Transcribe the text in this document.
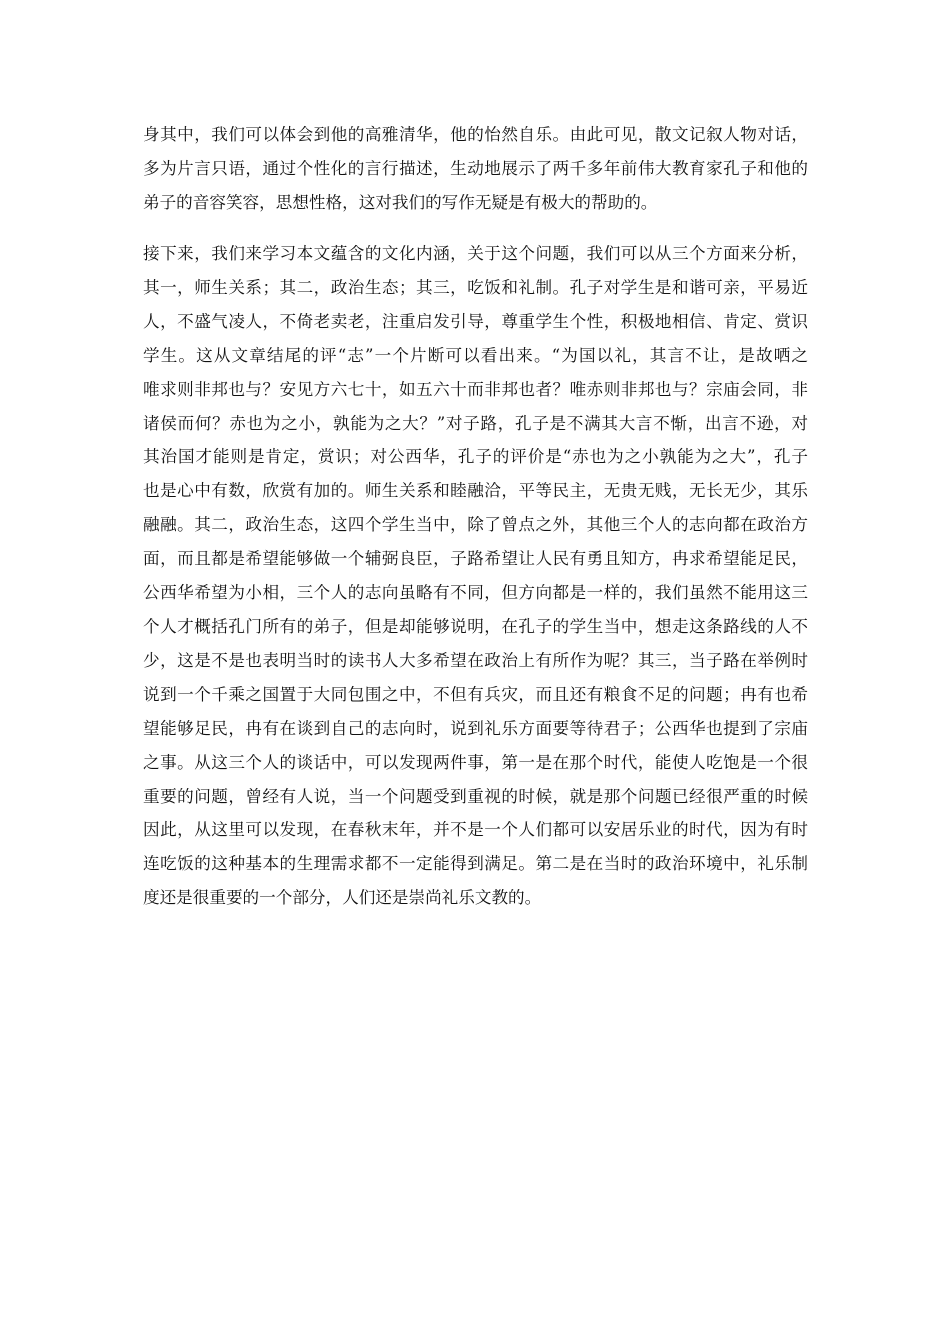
身其中，我们可以体会到他的高雅清华，他的怡然自乐。由此可见，散文记叙人物对话，
多为片言只语，通过个性化的言行描述，生动地展示了两千多年前伟大教育家孔子和他的
弟子的音容笑容，思想性格，这对我们的写作无疑是有极大的帮助的。
接下来，我们来学习本文蕴含的文化内涵，关于这个问题，我们可以从三个方面来分析，
其一，师生关系；其二，政治生态；其三，吃饭和礼制。孔子对学生是和谐可亲，平易近
人，不盛气凌人，不倚老卖老，注重启发引导，尊重学生个性，积极地相信、肯定、赏识
学生。这从文章结尾的评“志”一个片断可以看出来。“为国以礼，其言不让，是故哂之
唯求则非邦也与？安见方六七十，如五六十而非邦也者？唯赤则非邦也与？宗庙会同，非
诸侯而何？赤也为之小，孰能为之大？”对子路，孔子是不满其大言不惭，出言不逊，对
其治国才能则是肯定，赏识；对公西华，孔子的评价是“赤也为之小孰能为之大”，孔子
也是心中有数，欣赏有加的。师生关系和睦融洽，平等民主，无贵无贱，无长无少，其乐
融融。其二，政治生态，这四个学生当中，除了曾点之外，其他三个人的志向都在政治方
面，而且都是希望能够做一个辅弼良臣，子路希望让人民有勇且知方，冉求希望能足民，
公西华希望为小相，三个人的志向虽略有不同，但方向都是一样的，我们虽然不能用这三
个人才概括孔门所有的弟子，但是却能够说明，在孔子的学生当中，想走这条路线的人不
少，这是不是也表明当时的读书人大多希望在政治上有所作为呢？其三，当子路在举例时
说到一个千乘之国置于大同包围之中，不但有兵灾，而且还有粮食不足的问题；冉有也希
望能够足民，冉有在谈到自己的志向时，说到礼乐方面要等待君子；公西华也提到了宗庙
之事。从这三个人的谈话中，可以发现两件事，第一是在那个时代，能使人吃饱是一个很
重要的问题，曾经有人说，当一个问题受到重视的时候，就是那个问题已经很严重的时候
因此，从这里可以发现，在春秋末年，并不是一个人们都可以安居乐业的时代，因为有时
连吃饭的这种基本的生理需求都不一定能得到满足。第二是在当时的政治环境中，礼乐制
度还是很重要的一个部分，人们还是崇尚礼乐文教的。
